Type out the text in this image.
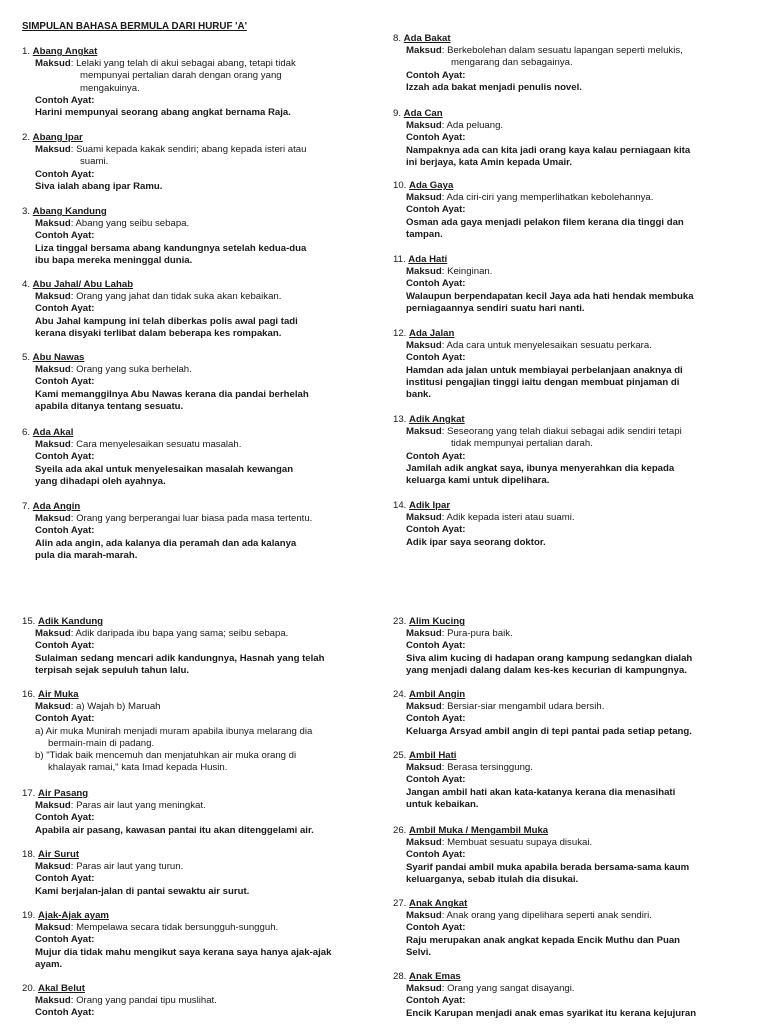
SIMPULAN BAHASA BERMULA DARI HURUF 'A'
1. Abang Angkat
Maksud: Lelaki yang telah di akui sebagai abang, tetapi tidak
mempunyai pertalian darah dengan orang yang
mengakuinya.
Contoh Ayat:
Harini mempunyai seorang abang angkat bernama Raja.
2. Abang Ipar
Maksud: Suami kepada kakak sendiri; abang kepada isteri atau
suami.
Contoh Ayat:
Siva ialah abang ipar Ramu.
3. Abang Kandung
Maksud: Abang yang seibu sebapa.
Contoh Ayat:
Liza tinggal bersama abang kandungnya setelah kedua-dua
ibu bapa mereka meninggal dunia.
4. Abu Jahal/ Abu Lahab
Maksud: Orang yang jahat dan tidak suka akan kebaikan.
Contoh Ayat:
Abu Jahal kampung ini telah diberkas polis awal pagi tadi
kerana disyaki terlibat dalam beberapa kes rompakan.
5. Abu Nawas
Maksud: Orang yang suka berhelah.
Contoh Ayat:
Kami memanggilnya Abu Nawas kerana dia pandai berhelah
apabila ditanya tentang sesuatu.
6. Ada Akal
Maksud: Cara menyelesaikan sesuatu masalah.
Contoh Ayat:
Syeila ada akal untuk menyelesaikan masalah kewangan
yang dihadapi oleh ayahnya.
7. Ada Angin
Maksud: Orang yang berperangai luar biasa pada masa tertentu.
Contoh Ayat:
Alin ada angin, ada kalanya dia peramah dan ada kalanya
pula dia marah-marah.
8. Ada Bakat
Maksud: Berkebolehan dalam sesuatu lapangan seperti melukis,
mengarang dan sebagainya.
Contoh Ayat:
Izzah ada bakat menjadi penulis novel.
9. Ada Can
Maksud: Ada peluang.
Contoh Ayat:
Nampaknya ada can kita jadi orang kaya kalau perniagaan kita
ini berjaya, kata Amin kepada Umair.
10. Ada Gaya
Maksud: Ada ciri-ciri yang memperlihatkan kebolehannya.
Contoh Ayat:
Osman ada gaya menjadi pelakon filem kerana dia tinggi dan
tampan.
11. Ada Hati
Maksud: Keinginan.
Contoh Ayat:
Walaupun berpendapatan kecil Jaya ada hati hendak membuka
perniagaannya sendiri suatu hari nanti.
12. Ada Jalan
Maksud: Ada cara untuk menyelesaikan sesuatu perkara.
Contoh Ayat:
Hamdan ada jalan untuk membiayai perbelanjaan anaknya di
institusi pengajian tinggi iaitu dengan membuat pinjaman di
bank.
13. Adik Angkat
Maksud: Seseorang yang telah diakui sebagai adik sendiri tetapi
tidak mempunyai pertalian darah.
Contoh Ayat:
Jamilah adik angkat saya, ibunya menyerahkan dia kepada
keluarga kami untuk dipelihara.
14. Adik Ipar
Maksud: Adik kepada isteri atau suami.
Contoh Ayat:
Adik ipar saya seorang doktor.
15. Adik Kandung
Maksud: Adik daripada ibu bapa yang sama; seibu sebapa.
Contoh Ayat:
Sulaiman sedang mencari adik kandungnya, Hasnah yang telah
terpisah sejak sepuluh tahun lalu.
16. Air Muka
Maksud: a) Wajah b) Maruah
Contoh Ayat:
a) Air muka Munirah menjadi muram apabila ibunya melarang dia
bermain-main di padang.
b) "Tidak baik mencemuh dan menjatuhkan air muka orang di
khalayak ramai," kata Imad kepada Husin.
17. Air Pasang
Maksud: Paras air laut yang meningkat.
Contoh Ayat:
Apabila air pasang, kawasan pantai itu akan ditenggelami air.
18. Air Surut
Maksud: Paras air laut yang turun.
Contoh Ayat:
Kami berjalan-jalan di pantai sewaktu air surut.
19. Ajak-Ajak ayam
Maksud: Mempelawa secara tidak bersungguh-sungguh.
Contoh Ayat:
Mujur dia tidak mahu mengikut saya kerana saya hanya ajak-ajak
ayam.
20. Akal Belut
Maksud: Orang yang pandai tipu muslihat.
Contoh Ayat:
23. Alim Kucing
Maksud: Pura-pura baik.
Contoh Ayat:
Siva alim kucing di hadapan orang kampung sedangkan dialah
yang menjadi dalang dalam kes-kes kecurian di kampungnya.
24. Ambil Angin
Maksud: Bersiar-siar mengambil udara bersih.
Contoh Ayat:
Keluarga Arsyad ambil angin di tepi pantai pada setiap petang.
25. Ambil Hati
Maksud: Berasa tersinggung.
Contoh Ayat:
Jangan ambil hati akan kata-katanya kerana dia menasihati
untuk kebaikan.
26. Ambil Muka / Mengambil Muka
Maksud: Membuat sesuatu supaya disukai.
Contoh Ayat:
Syarif pandai ambil muka apabila berada bersama-sama kaum
keluarganya, sebab itulah dia disukai.
27. Anak Angkat
Maksud: Anak orang yang dipelihara seperti anak sendiri.
Contoh Ayat:
Raju merupakan anak angkat kepada Encik Muthu dan Puan
Selvi.
28. Anak Emas
Maksud: Orang yang sangat disayangi.
Contoh Ayat:
Encik Karupan menjadi anak emas syarikat itu kerana kejujuran
